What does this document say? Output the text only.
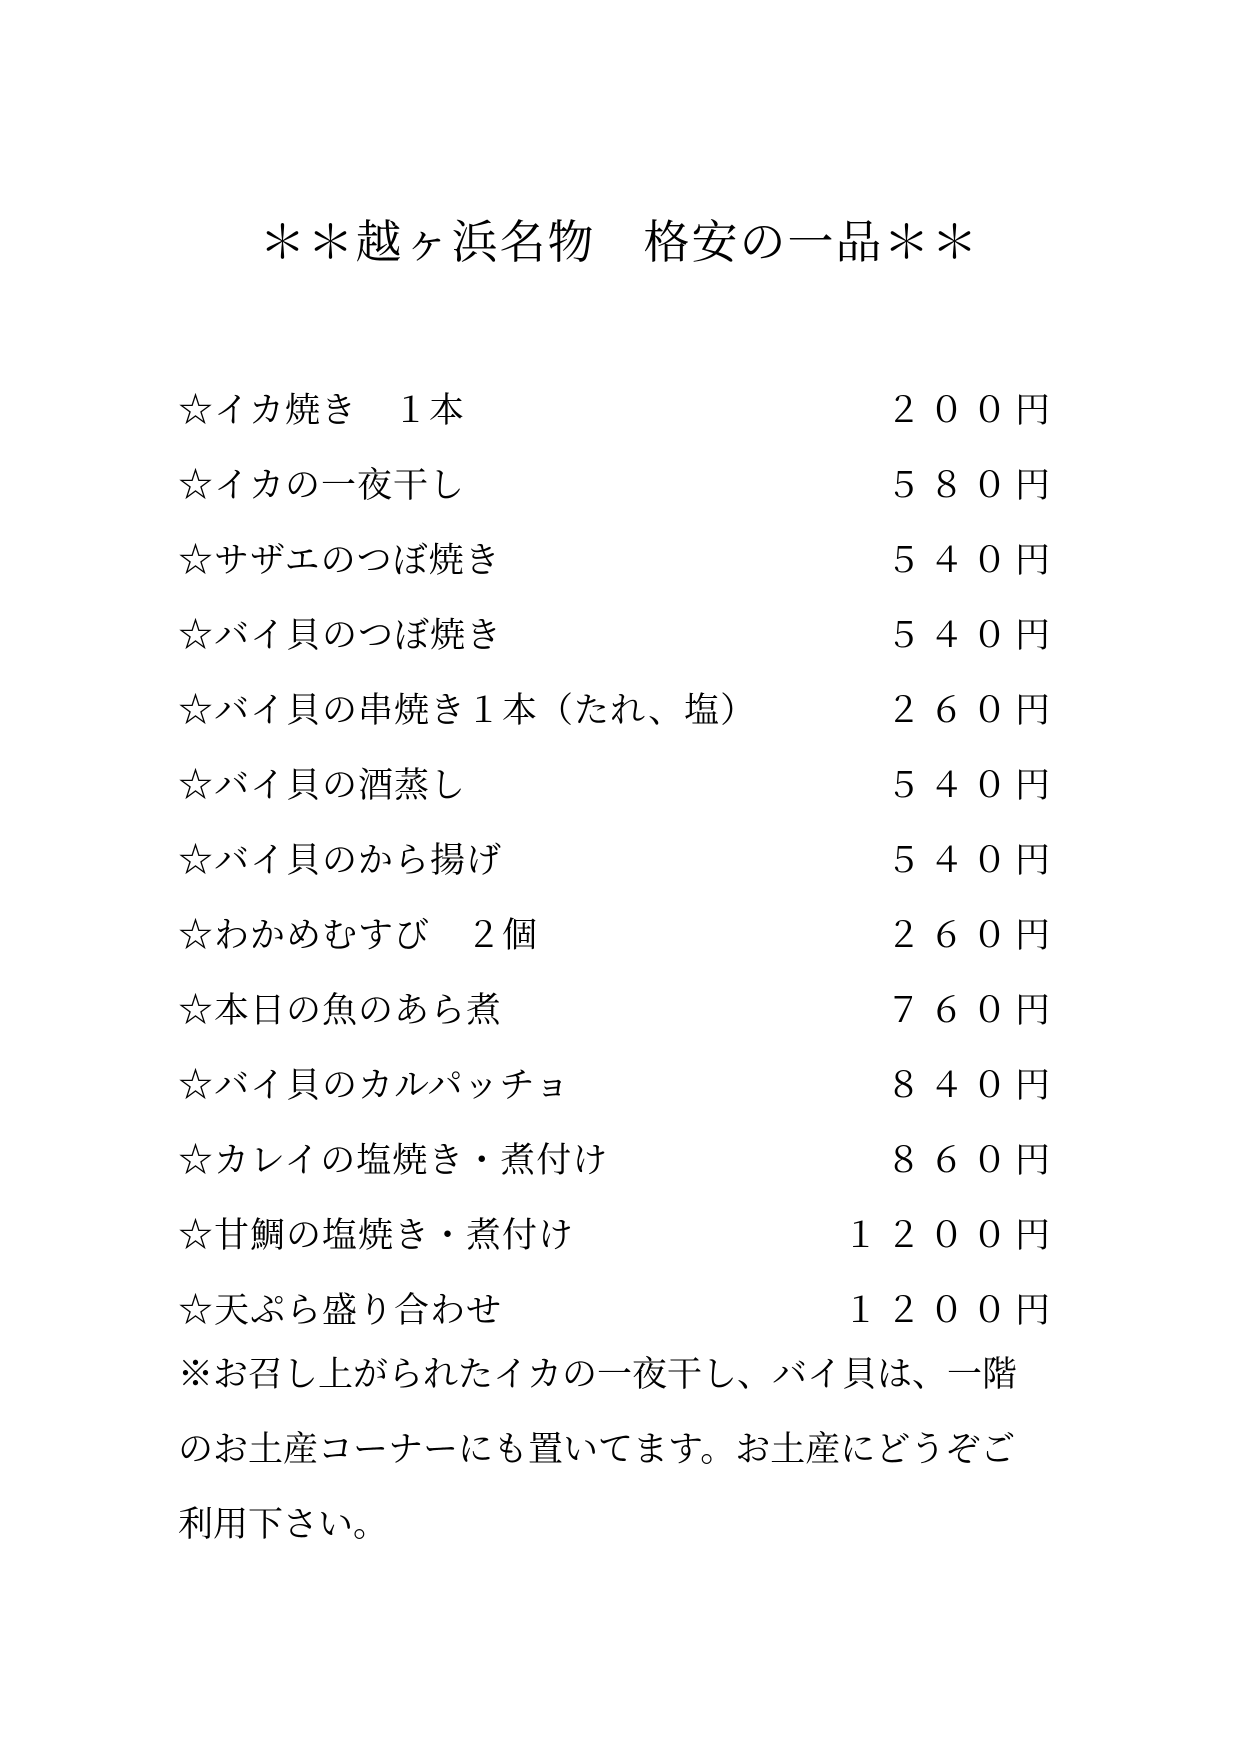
＊＊越ヶ浜名物　格安の一品＊＊
☆イカ焼き　１本	２００円
☆イカの一夜干し	５８０円
☆サザエのつぼ焼き	５４０円
☆バイ貝のつぼ焼き	５４０円
☆バイ貝の串焼き１本（たれ、塩）	２６０円
☆バイ貝の酒蒸し	５４０円
☆バイ貝のから揚げ	５４０円
☆わかめむすび　２個	２６０円
☆本日の魚のあら煮	７６０円
☆バイ貝のカルパッチョ	８４０円
☆カレイの塩焼き・煮付け	８６０円
☆甘鯛の塩焼き・煮付け	１２００円
☆天ぷら盛り合わせ	１２００円
※お召し上がられたイカの一夜干し、バイ貝は、一階
のお土産コーナーにも置いてます。お土産にどうぞご
利用下さい。
